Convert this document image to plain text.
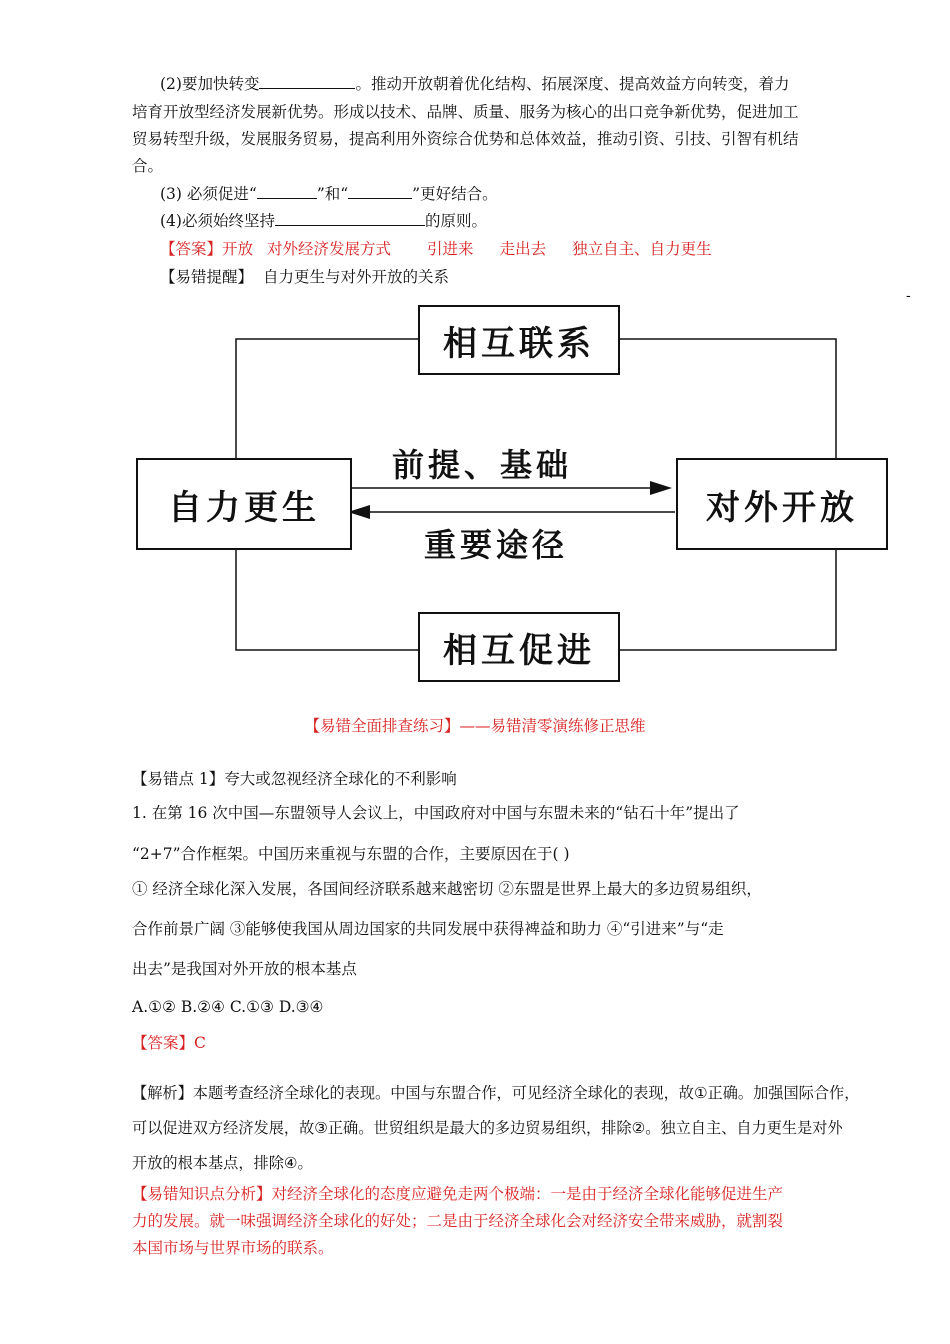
(2)要加快转变	。推动开放朝着优化结构、拓展深度、提高效益方向转变，着力
培育开放型经济发展新优势。形成以技术、品牌、质量、服务为核心的出口竞争新优势，促进加工
贸易转型升级，发展服务贸易，提高利用外资综合优势和总体效益，推动引资、引技、引智有机结
合。
(3) 必须促进“	”和“	”更好结合。
(4)必须始终坚持	的原则。
【答案】开放 对外经济发展方式 引进来 走出去 独立自主、自力更生
【易错提醒】 自力更生与对外开放的关系
-
相互联系
自力更生	对外开放
相互促进
前提、基础
重要途径
【易错全面排查练习】——易错清零演练修正思维
【易错点 1】夸大或忽视经济全球化的不利影响
1. 在第 16 次中国—东盟领导人会议上，中国政府对中国与东盟未来的“钻石十年”提出了
“2+7”合作框架。中国历来重视与东盟的合作，主要原因在于( )
① 经济全球化深入发展，各国间经济联系越来越密切 ②东盟是世界上最大的多边贸易组织，
合作前景广阔 ③能够使我国从周边国家的共同发展中获得裨益和助力 ④“引进来”与“走
出去”是我国对外开放的根本基点
A.①② B.②④ C.①③ D.③④
【答案】C
【解析】本题考查经济全球化的表现。中国与东盟合作，可见经济全球化的表现，故①正确。加强国际合作，
可以促进双方经济发展，故③正确。世贸组织是最大的多边贸易组织，排除②。独立自主、自力更生是对外
开放的根本基点，排除④。
【易错知识点分析】对经济全球化的态度应避免走两个极端：一是由于经济全球化能够促进生产
力的发展。就一味强调经济全球化的好处；二是由于经济全球化会对经济安全带来威胁，就割裂
本国市场与世界市场的联系。
